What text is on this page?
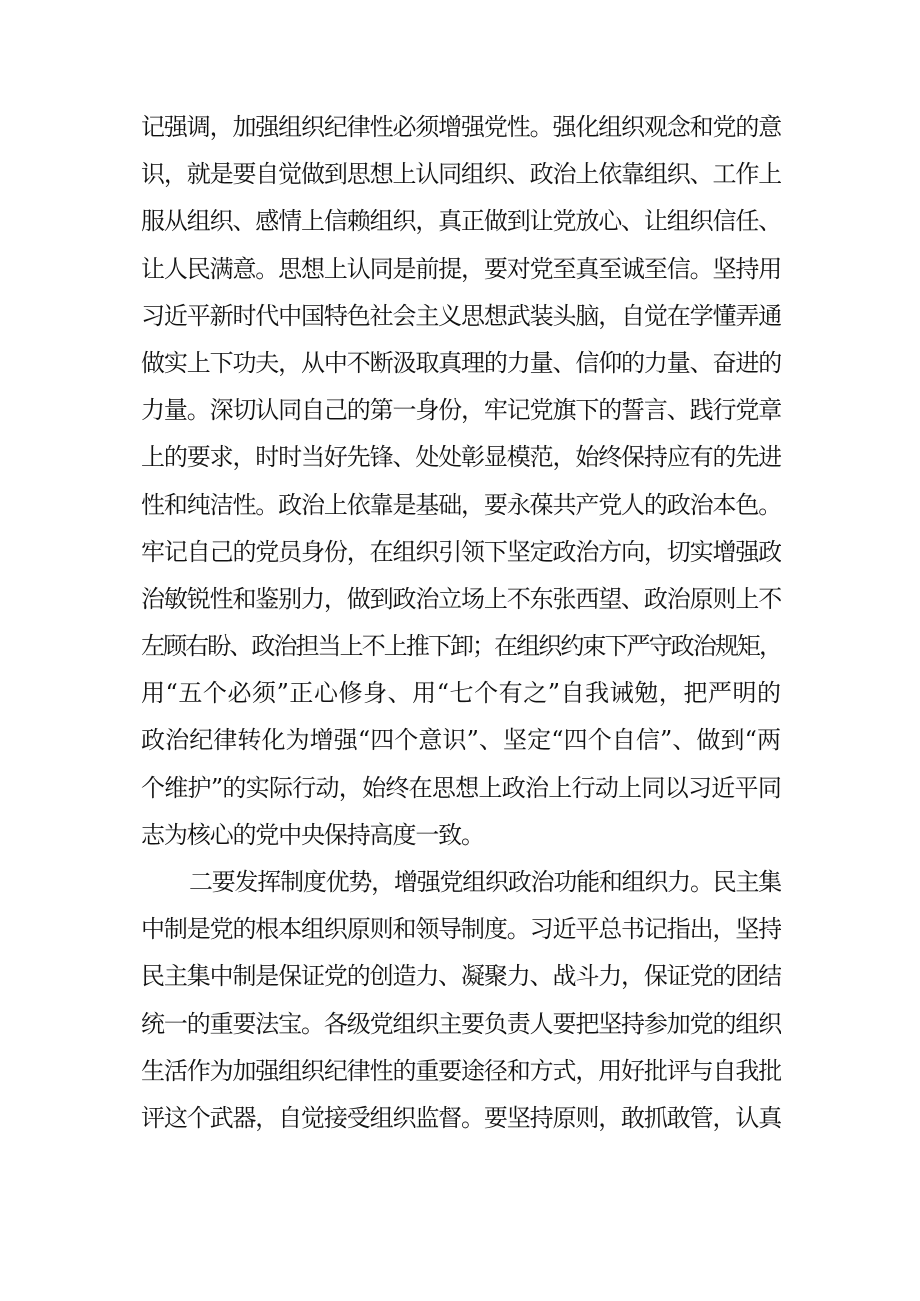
记强调，加强组织纪律性必须增强党性。强化组织观念和党的意
识，就是要自觉做到思想上认同组织、政治上依靠组织、工作上
服从组织、感情上信赖组织，真正做到让党放心、让组织信任、
让人民满意。思想上认同是前提，要对党至真至诚至信。坚持用
习近平新时代中国特色社会主义思想武装头脑，自觉在学懂弄通
做实上下功夫，从中不断汲取真理的力量、信仰的力量、奋进的
力量。深切认同自己的第一身份，牢记党旗下的誓言、践行党章
上的要求，时时当好先锋、处处彰显模范，始终保持应有的先进
性和纯洁性。政治上依靠是基础，要永葆共产党人的政治本色。
牢记自己的党员身份，在组织引领下坚定政治方向，切实增强政
治敏锐性和鉴别力，做到政治立场上不东张西望、政治原则上不
左顾右盼、政治担当上不上推下卸；在组织约束下严守政治规矩，
用“五个必须”正心修身、用“七个有之”自我诫勉，把严明的
政治纪律转化为增强“四个意识”、坚定“四个自信”、做到“两
个维护”的实际行动，始终在思想上政治上行动上同以习近平同
志为核心的党中央保持高度一致。
二要发挥制度优势，增强党组织政治功能和组织力。民主集
中制是党的根本组织原则和领导制度。习近平总书记指出，坚持
民主集中制是保证党的创造力、凝聚力、战斗力，保证党的团结
统一的重要法宝。各级党组织主要负责人要把坚持参加党的组织
生活作为加强组织纪律性的重要途径和方式，用好批评与自我批
评这个武器，自觉接受组织监督。要坚持原则，敢抓敢管，认真
